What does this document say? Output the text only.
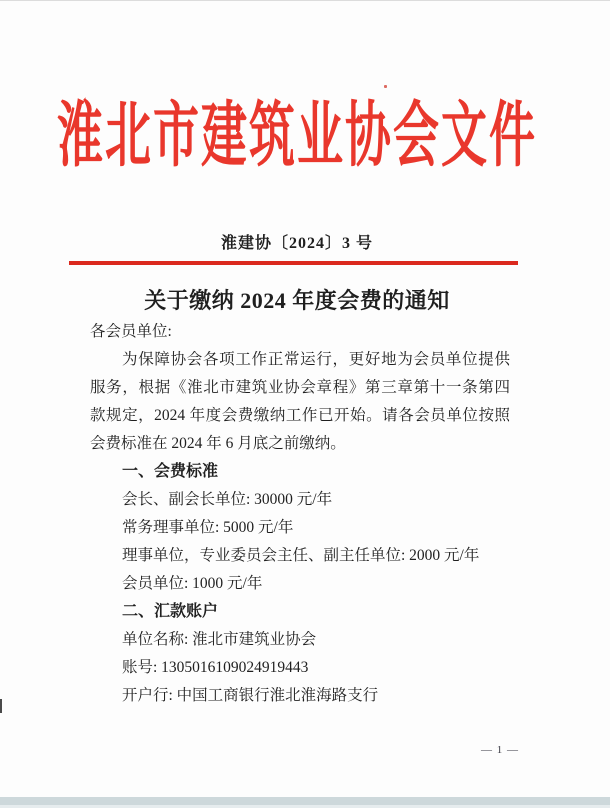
淮北市建筑业协会文件
淮建协〔2024〕3 号
关于缴纳 2024 年度会费的通知
各会员单位:
为保障协会各项工作正常运行，更好地为会员单位提供
服务，根据《淮北市建筑业协会章程》第三章第十一条第四
款规定，2024 年度会费缴纳工作已开始。请各会员单位按照
会费标准在 2024 年 6 月底之前缴纳。
一、会费标准
会长、副会长单位: 30000 元/年
常务理事单位: 5000 元/年
理事单位，专业委员会主任、副主任单位: 2000 元/年
会员单位: 1000 元/年
二、汇款账户
单位名称: 淮北市建筑业协会
账号: 1305016109024919443
开户行: 中国工商银行淮北淮海路支行
— 1 —
